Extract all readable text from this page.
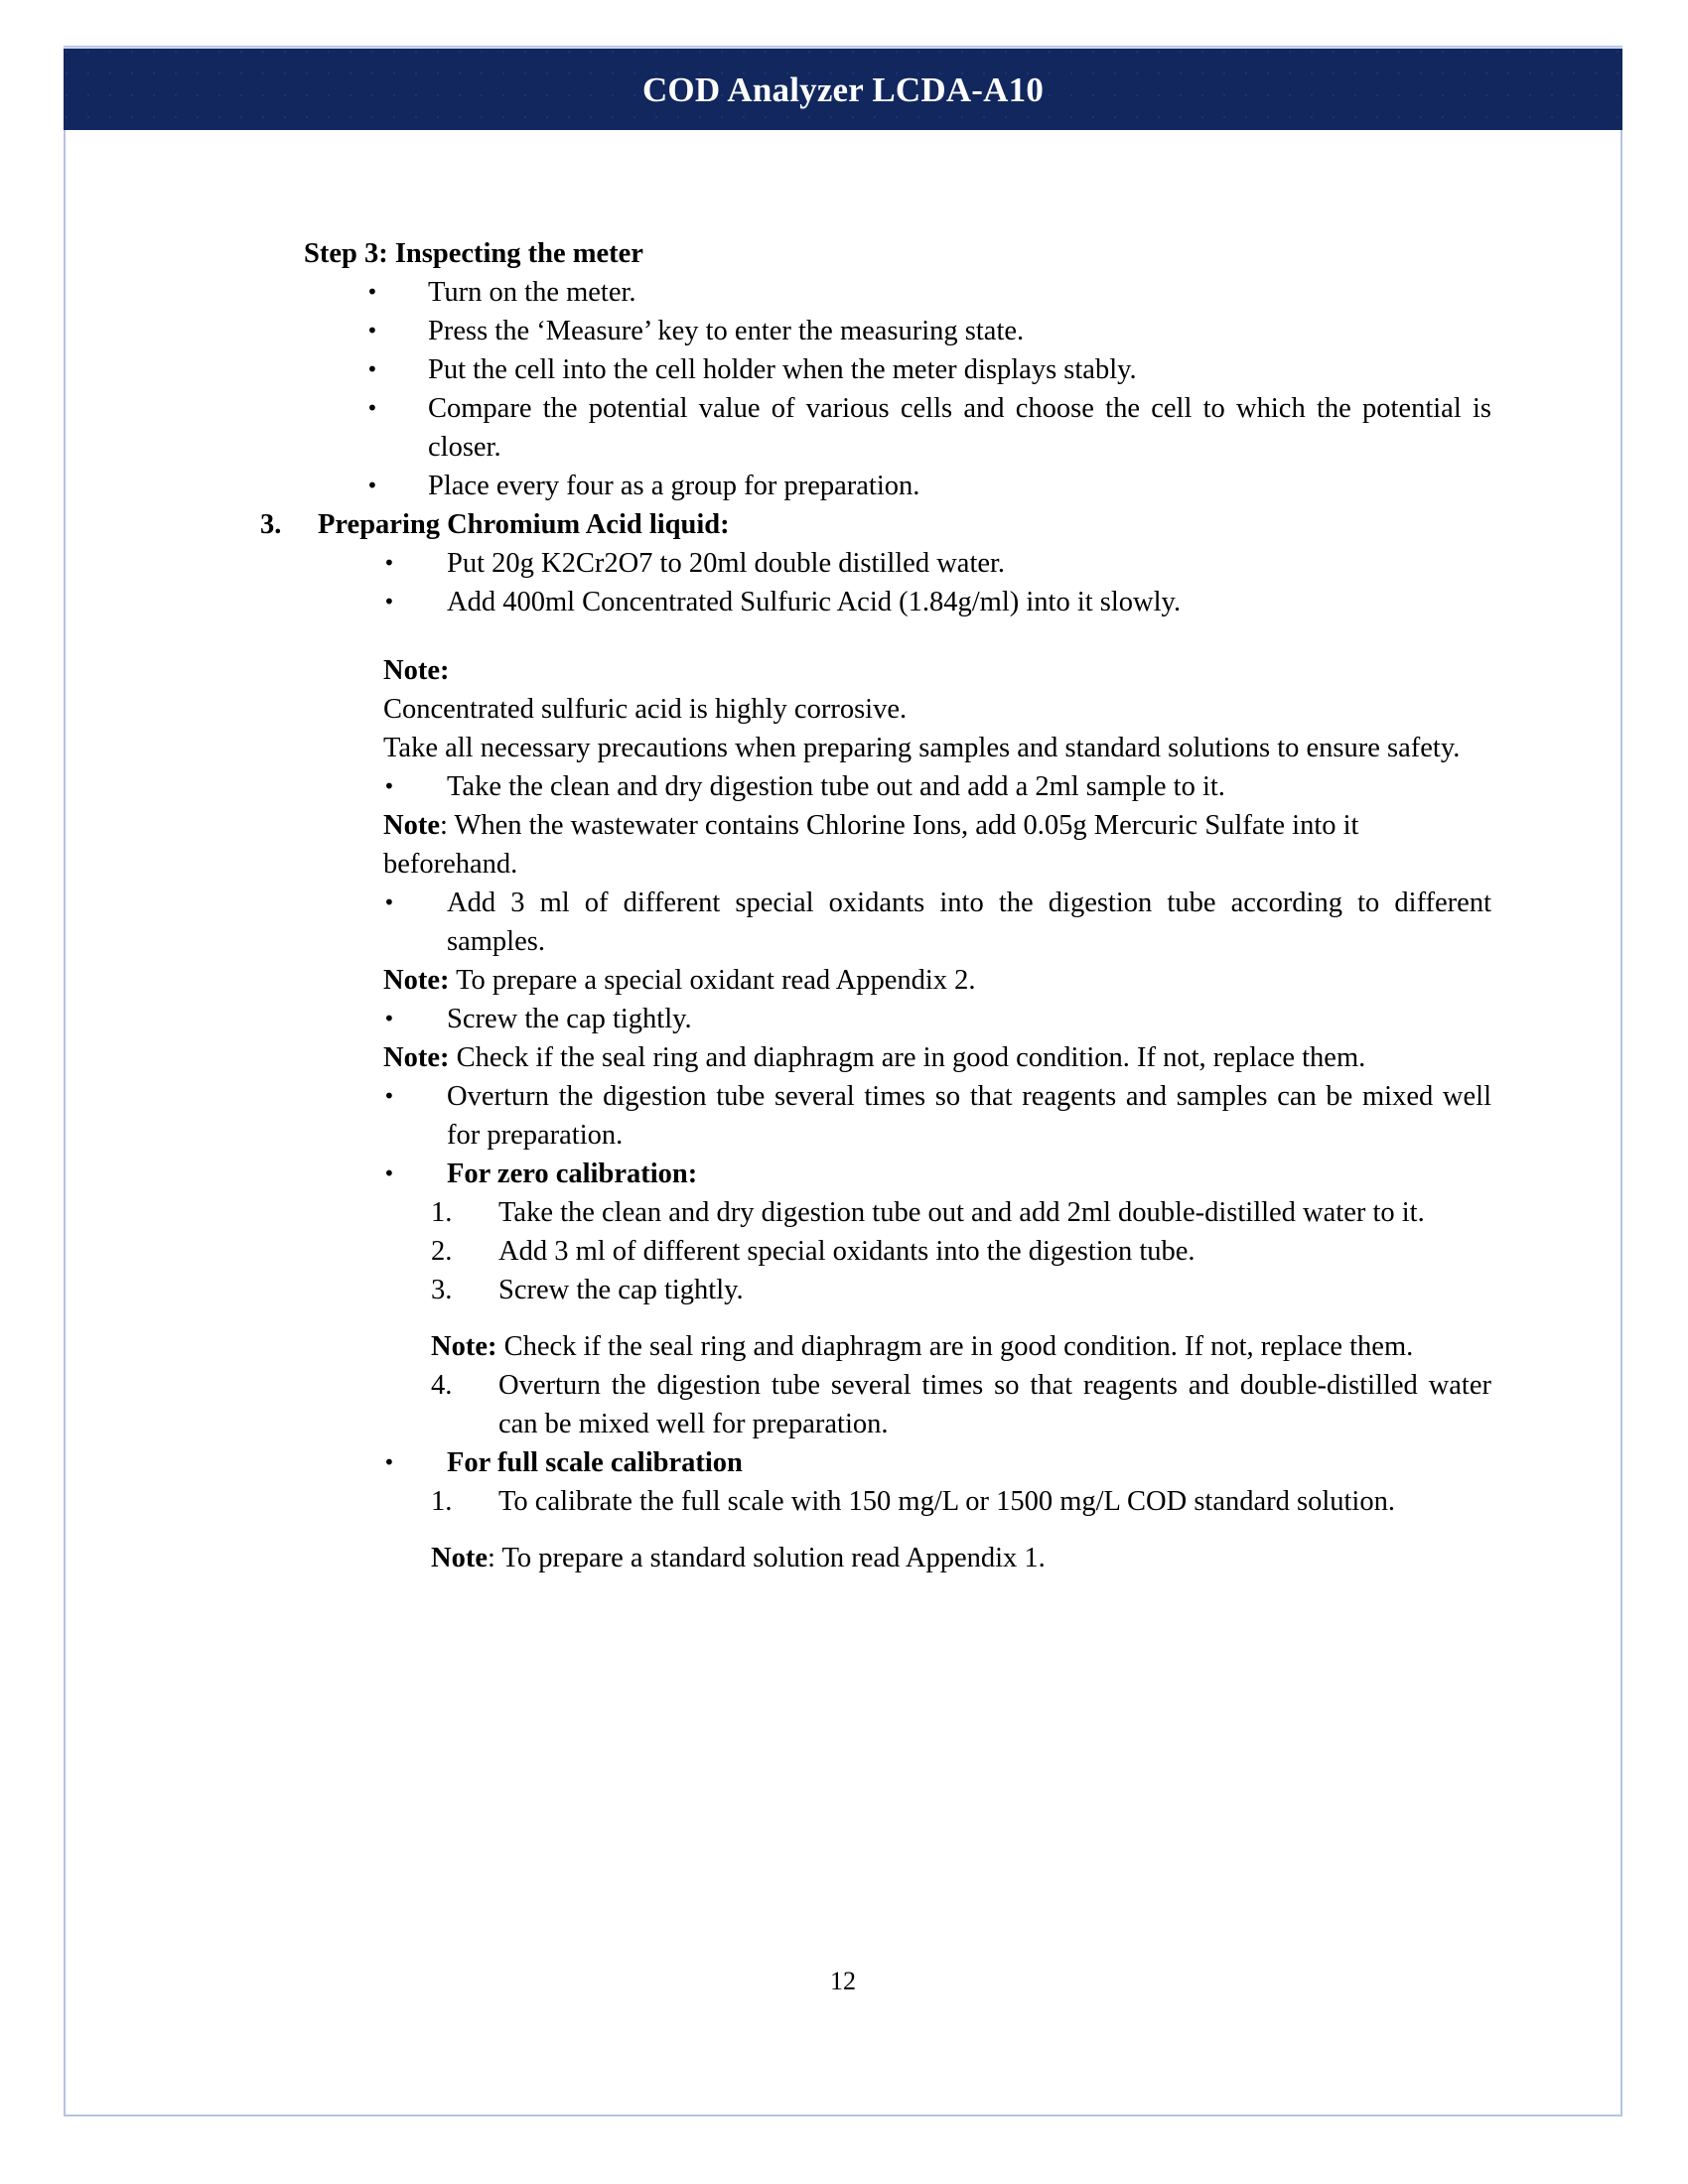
COD Analyzer LCDA-A10

Step 3: Inspecting the meter

•	Turn on the meter.
•	Press the ‘Measure’ key to enter the measuring state.
•	Put the cell into the cell holder when the meter displays stably.
•	Compare the potential value of various cells and choose the cell to which the potential is closer.
•	Place every four as a group for preparation.
3.	Preparing Chromium Acid liquid:
•	Put 20g K2Cr2O7 to 20ml double distilled water.
•	Add 400ml Concentrated Sulfuric Acid (1.84g/ml) into it slowly.

Note:

Concentrated sulfuric acid is highly corrosive.

Take all necessary precautions when preparing samples and standard solutions to ensure safety.

•	Take the clean and dry digestion tube out and add a 2ml sample to it.

Note: When the wastewater contains Chlorine Ions, add 0.05g Mercuric Sulfate into it beforehand.

•	Add 3 ml of different special oxidants into the digestion tube according to different samples.

Note: To prepare a special oxidant read Appendix 2.

•	Screw the cap tightly.

Note: Check if the seal ring and diaphragm are in good condition. If not, replace them.

•	Overturn the digestion tube several times so that reagents and samples can be mixed well for preparation.
•	For zero calibration:
1.	Take the clean and dry digestion tube out and add 2ml double-distilled water to it.
2.	Add 3 ml of different special oxidants into the digestion tube.
3.	Screw the cap tightly.

Note: Check if the seal ring and diaphragm are in good condition. If not, replace them.

4.	Overturn the digestion tube several times so that reagents and double-distilled water can be mixed well for preparation.
•	For full scale calibration
1.	To calibrate the full scale with 150 mg/L or 1500 mg/L COD standard solution.

Note: To prepare a standard solution read Appendix 1.

12
